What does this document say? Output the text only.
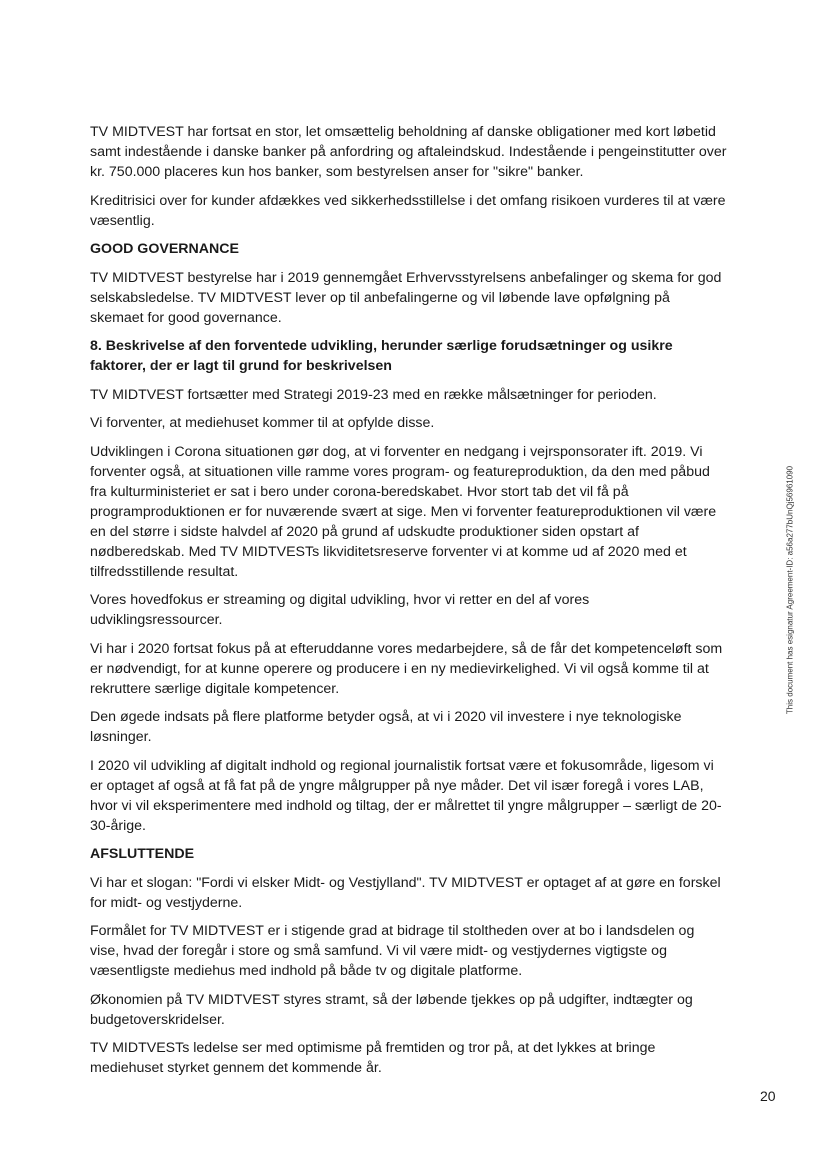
TV MIDTVEST har fortsat en stor, let omsættelig beholdning af danske obligationer med kort løbetid
samt indestående i danske banker på anfordring og aftaleindskud. Indestående i pengeinstitutter over
kr. 750.000 placeres kun hos banker, som bestyrelsen anser for "sikre" banker.
Kreditrisici over for kunder afdækkes ved sikkerhedsstillelse i det omfang risikoen vurderes til at være
væsentlig.
GOOD GOVERNANCE
TV MIDTVEST bestyrelse har i 2019 gennemgået Erhvervsstyrelsens anbefalinger og skema for god
selskabsledelse. TV MIDTVEST lever op til anbefalingerne og vil løbende lave opfølgning på
skemaet for good governance.
8. Beskrivelse af den forventede udvikling, herunder særlige forudsætninger og usikre
faktorer, der er lagt til grund for beskrivelsen
TV MIDTVEST fortsætter med Strategi 2019-23 med en række målsætninger for perioden.
Vi forventer, at mediehuset kommer til at opfylde disse.
Udviklingen i Corona situationen gør dog, at vi forventer en nedgang i vejrsponsorater ift. 2019. Vi
forventer også, at situationen ville ramme vores program- og featureproduktion, da den med påbud
fra kulturministeriet er sat i bero under corona-beredskabet. Hvor stort tab det vil få på
programproduktionen er for nuværende svært at sige. Men vi forventer featureproduktionen vil være
en del større i sidste halvdel af 2020 på grund af udskudte produktioner siden opstart af
nødberedskab. Med TV MIDTVESTs likviditetsreserve forventer vi at komme ud af 2020 med et
tilfredsstillende resultat.
Vores hovedfokus er streaming og digital udvikling, hvor vi retter en del af vores
udviklingsressourcer.
Vi har i 2020 fortsat fokus på at efteruddanne vores medarbejdere, så de får det kompetenceløft som
er nødvendigt, for at kunne operere og producere i en ny medievirkelighed. Vi vil også komme til at
rekruttere særlige digitale kompetencer.
Den øgede indsats på flere platforme betyder også, at vi i 2020 vil investere i nye teknologiske
løsninger.
I 2020 vil udvikling af digitalt indhold og regional journalistik fortsat være et fokusområde, ligesom vi
er optaget af også at få fat på de yngre målgrupper på nye måder. Det vil især foregå i vores LAB,
hvor vi vil eksperimentere med indhold og tiltag, der er målrettet til yngre målgrupper – særligt de 20-
30-årige.
AFSLUTTENDE
Vi har et slogan: "Fordi vi elsker Midt- og Vestjylland". TV MIDTVEST er optaget af at gøre en forskel
for midt- og vestjyderne.
Formålet for TV MIDTVEST er i stigende grad at bidrage til stoltheden over at bo i landsdelen og
vise, hvad der foregår i store og små samfund. Vi vil være midt- og vestjydernes vigtigste og
væsentligste mediehus med indhold på både tv og digitale platforme.
Økonomien på TV MIDTVEST styres stramt, så der løbende tjekkes op på udgifter, indtægter og
budgetoverskridelser.
TV MIDTVESTs ledelse ser med optimisme på fremtiden og tror på, at det lykkes at bringe
mediehuset styrket gennem det kommende år.
This document has esignatur Agreement-ID: a56a277bUnQj56961090
20
